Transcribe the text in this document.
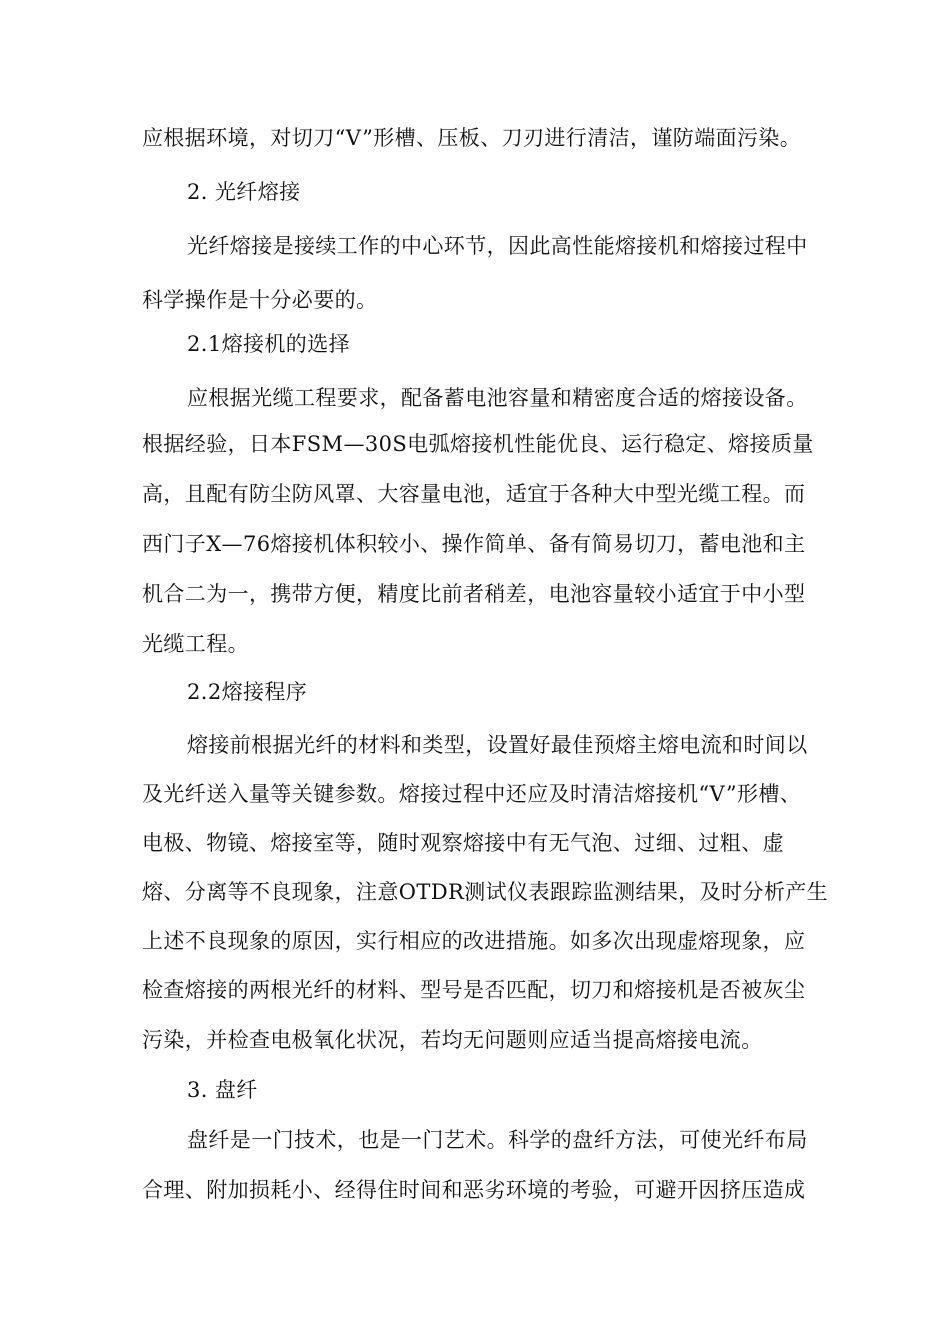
应根据环境，对切刀“V”形槽、压板、刀刃进行清洁，谨防端面污染。
2. 光纤熔接
光纤熔接是接续工作的中心环节，因此高性能熔接机和熔接过程中
科学操作是十分必要的。
2.1熔接机的选择
应根据光缆工程要求，配备蓄电池容量和精密度合适的熔接设备。
根据经验，日本FSM—30S电弧熔接机性能优良、运行稳定、熔接质量
高，且配有防尘防风罩、大容量电池，适宜于各种大中型光缆工程。而
西门子X—76熔接机体积较小、操作简单、备有简易切刀，蓄电池和主
机合二为一，携带方便，精度比前者稍差，电池容量较小适宜于中小型
光缆工程。
2.2熔接程序
熔接前根据光纤的材料和类型，设置好最佳预熔主熔电流和时间以
及光纤送入量等关键参数。熔接过程中还应及时清洁熔接机“V”形槽、
电极、物镜、熔接室等，随时观察熔接中有无气泡、过细、过粗、虚
熔、分离等不良现象，注意OTDR测试仪表跟踪监测结果，及时分析产生
上述不良现象的原因，实行相应的改进措施。如多次出现虚熔现象，应
检查熔接的两根光纤的材料、型号是否匹配，切刀和熔接机是否被灰尘
污染，并检查电极氧化状况，若均无问题则应适当提高熔接电流。
3. 盘纤
盘纤是一门技术，也是一门艺术。科学的盘纤方法，可使光纤布局
合理、附加损耗小、经得住时间和恶劣环境的考验，可避开因挤压造成
